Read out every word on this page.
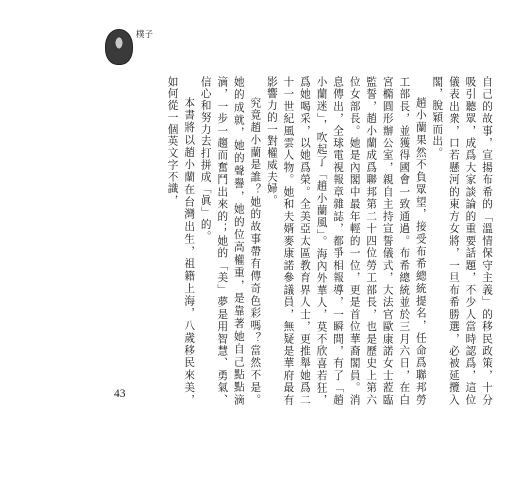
樸子

自己的故事，宣揚布希的「溫情保守主義」的移民政策，十分吸引聽眾，成爲大家談論的重要話題，不少人當時認爲，這位儀表出衆，口若懸河的東方女將，一旦布希勝選，必被延攬入閣，脫穎而出。

趙小蘭果然不負眾望，接受布希總統提名，任命爲聯邦勞工部長，並獲得國會一致通過。布希總統並於三月六日，在白宮橢圓形辦公室，親自主持宣誓儀式，大法官歐康諾女士蒞臨監誓，趙小蘭成爲聯邦第二十四位勞工部長，也是歷史上第六位女部長。她是內閣中最年輕的一位，更是首位華裔閣員。消息傳出，全球電視報章雜誌，都爭相報導，一瞬間，有了「趙小蘭迷」，吹起了「趙小蘭風」。海內外華人，莫不欣喜若狂，爲她喝采，以她爲榮。全美亞太區教育界人士，更推舉她爲二十一世紀風雲人物。她和夫婿麥康諾參議員，無疑是華府最有影響力的一對權威夫婦。

究竟趙小蘭是誰？她的故事帶有傳奇色彩嗎？當然不是。她的成就，她的聲譽，她的位高權重，是靠著她自己點點滴滴，一步一趨而奮鬥出來的；她的「美」夢是用智慧、勇氣、信心和努力去打拼成「眞」的。

本書將以趙小蘭在台灣出生，祖籍上海，八歲移民來美，如何從一個英文字不識，

43
